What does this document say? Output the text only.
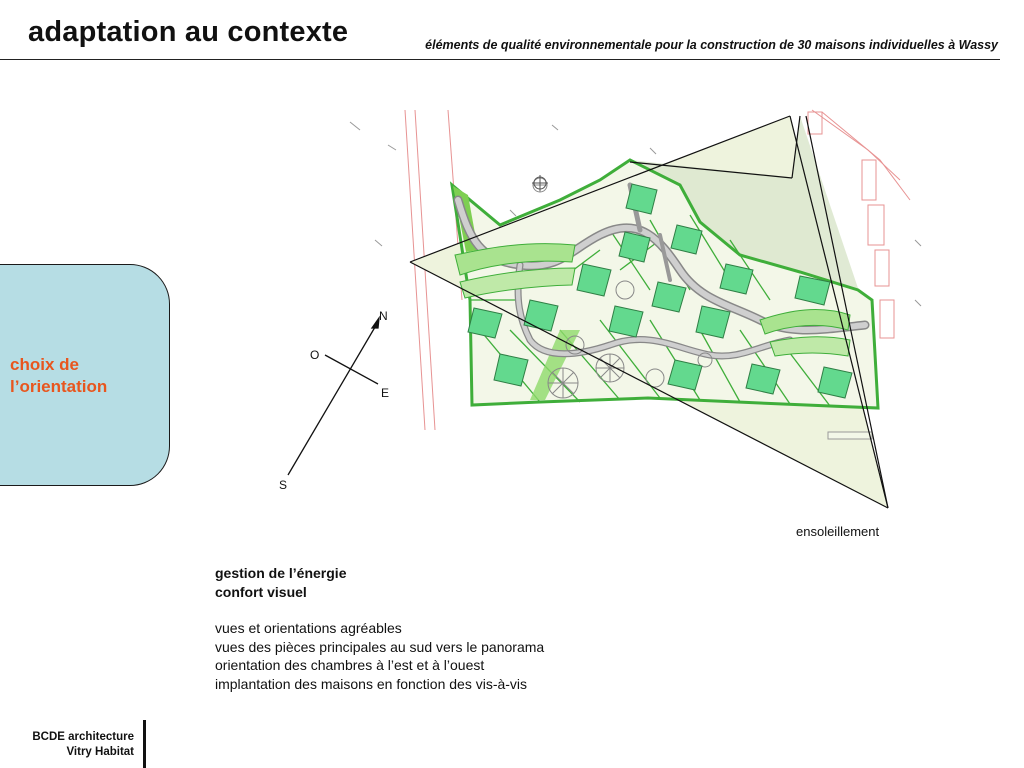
adaptation au contexte	éléments de qualité environnementale pour la construction de 30 maisons individuelles à Wassy
choix de
l’orientation
N
O
E
S
ensoleillement
gestion de l’énergie
confort visuel
vues et orientations agréables
vues des pièces principales au sud vers le panorama
orientation des chambres à l’est et à l’ouest
implantation des maisons en fonction des vis-à-vis
BCDE architecture
Vitry Habitat
